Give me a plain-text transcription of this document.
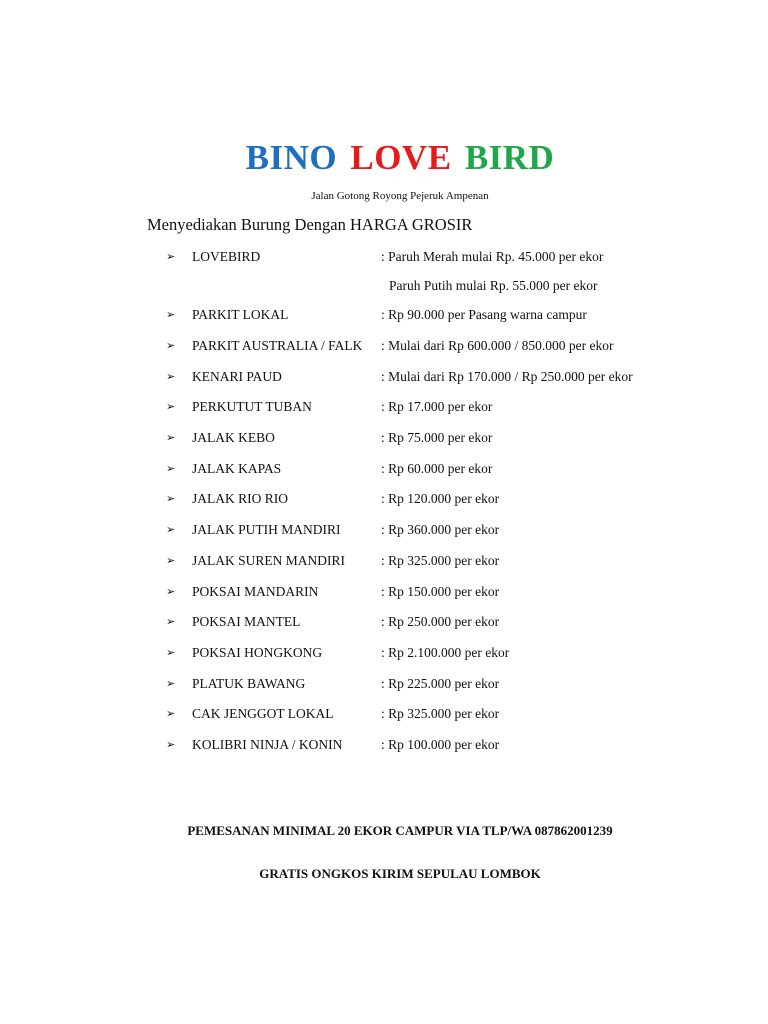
BINO LOVE BIRD
Jalan Gotong Royong Pejeruk Ampenan
Menyediakan Burung Dengan HARGA GROSIR
➢ LOVEBIRD	: Paruh Merah mulai Rp. 45.000 per ekor
Paruh Putih mulai Rp. 55.000 per ekor
➢ PARKIT LOKAL	: Rp 90.000 per Pasang warna campur
➢ PARKIT AUSTRALIA / FALK : Mulai dari Rp 600.000 / 850.000 per ekor
➢ KENARI PAUD	: Mulai dari Rp 170.000 / Rp 250.000 per ekor
➢ PERKUTUT TUBAN	: Rp 17.000 per ekor
➢ JALAK KEBO	: Rp 75.000 per ekor
➢ JALAK KAPAS	: Rp 60.000 per ekor
➢ JALAK RIO RIO	: Rp 120.000 per ekor
➢ JALAK PUTIH MANDIRI	: Rp 360.000 per ekor
➢ JALAK SUREN MANDIRI	: Rp 325.000 per ekor
➢ POKSAI MANDARIN	: Rp 150.000 per ekor
➢ POKSAI MANTEL	: Rp 250.000 per ekor
➢ POKSAI HONGKONG	: Rp 2.100.000 per ekor
➢ PLATUK BAWANG	: Rp 225.000 per ekor
➢ CAK JENGGOT LOKAL	: Rp 325.000 per ekor
➢ KOLIBRI NINJA / KONIN	: Rp 100.000 per ekor
PEMESANAN MINIMAL 20 EKOR CAMPUR VIA TLP/WA 087862001239
GRATIS ONGKOS KIRIM SEPULAU LOMBOK
